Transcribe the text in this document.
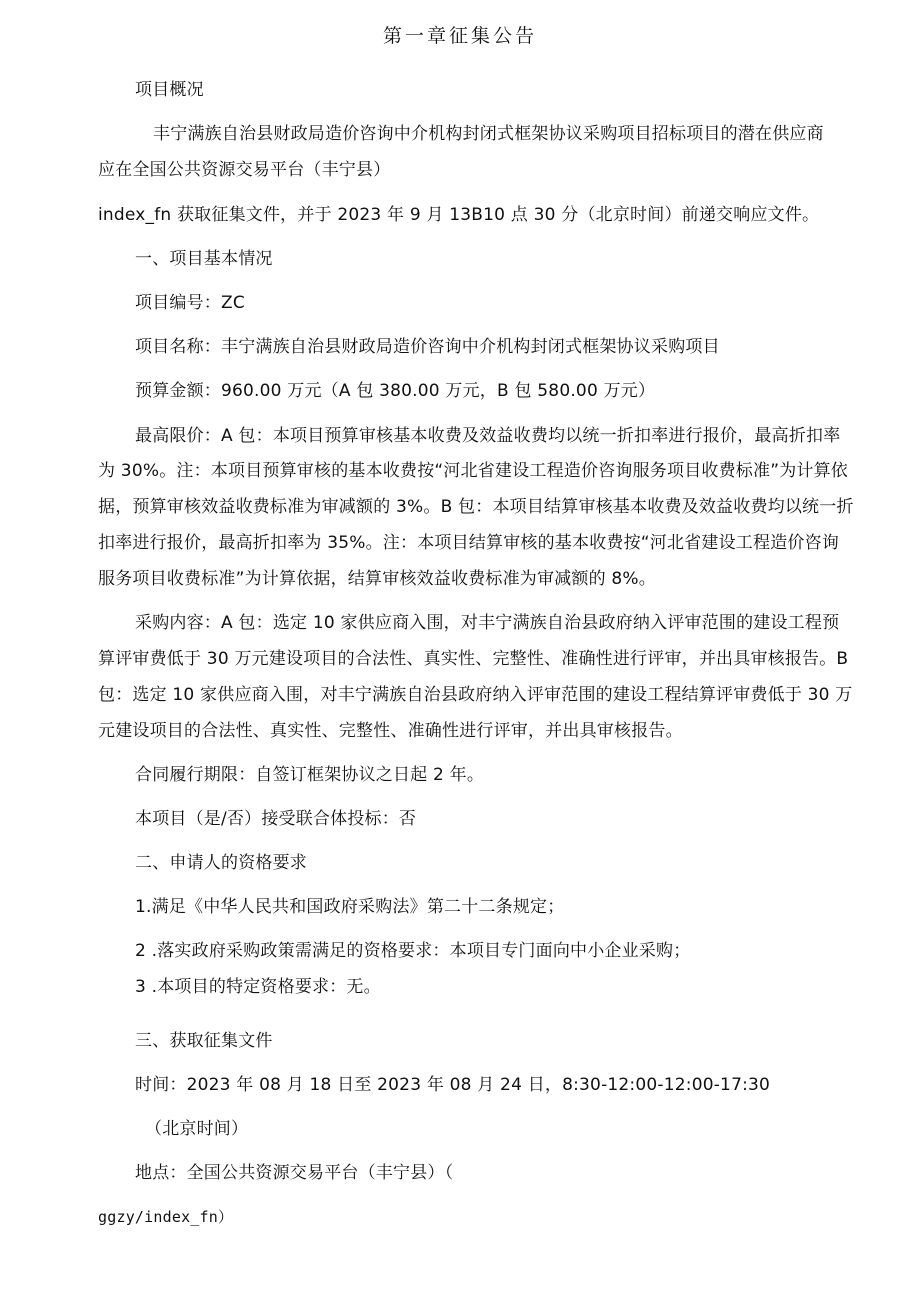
第一章征集公告

项目概况

丰宁满族自治县财政局造价咨询中介机构封闭式框架协议采购项目招标项目的潜在供应商

应在全国公共资源交易平台（丰宁县）

index_fn 获取征集文件，并于 2023 年 9 月 13B10 点 30 分（北京时间）前递交响应文件。

一、项目基本情况

项目编号：ZC

项目名称：丰宁满族自治县财政局造价咨询中介机构封闭式框架协议采购项目

预算金额：960.00 万元（A 包 380.00 万元，B 包 580.00 万元）

最高限价：A 包：本项目预算审核基本收费及效益收费均以统一折扣率进行报价，最高折扣率

为 30%。注：本项目预算审核的基本收费按“河北省建设工程造价咨询服务项目收费标准”为计算依

据，预算审核效益收费标准为审减额的 3%。B 包：本项目结算审核基本收费及效益收费均以统一折

扣率进行报价，最高折扣率为 35%。注：本项目结算审核的基本收费按“河北省建设工程造价咨询

服务项目收费标准”为计算依据，结算审核效益收费标准为审减额的 8%。

采购内容：A 包：选定 10 家供应商入围，对丰宁满族自治县政府纳入评审范围的建设工程预

算评审费低于 30 万元建设项目的合法性、真实性、完整性、准确性进行评审，并出具审核报告。B

包：选定 10 家供应商入围，对丰宁满族自治县政府纳入评审范围的建设工程结算评审费低于 30 万

元建设项目的合法性、真实性、完整性、准确性进行评审，并出具审核报告。

合同履行期限：自签订框架协议之日起 2 年。

本项目（是/否）接受联合体投标：否

二、申请人的资格要求

1.满足《中华人民共和国政府采购法》第二十二条规定；

2 .落实政府采购政策需满足的资格要求：本项目专门面向中小企业采购；

3 .本项目的特定资格要求：无。

三、获取征集文件

时间：2023 年 08 月 18 日至 2023 年 08 月 24 日，8:30-12:00-12:00-17:30

（北京时间）

地点：全国公共资源交易平台（丰宁县）（

ggzy/index_fn）
